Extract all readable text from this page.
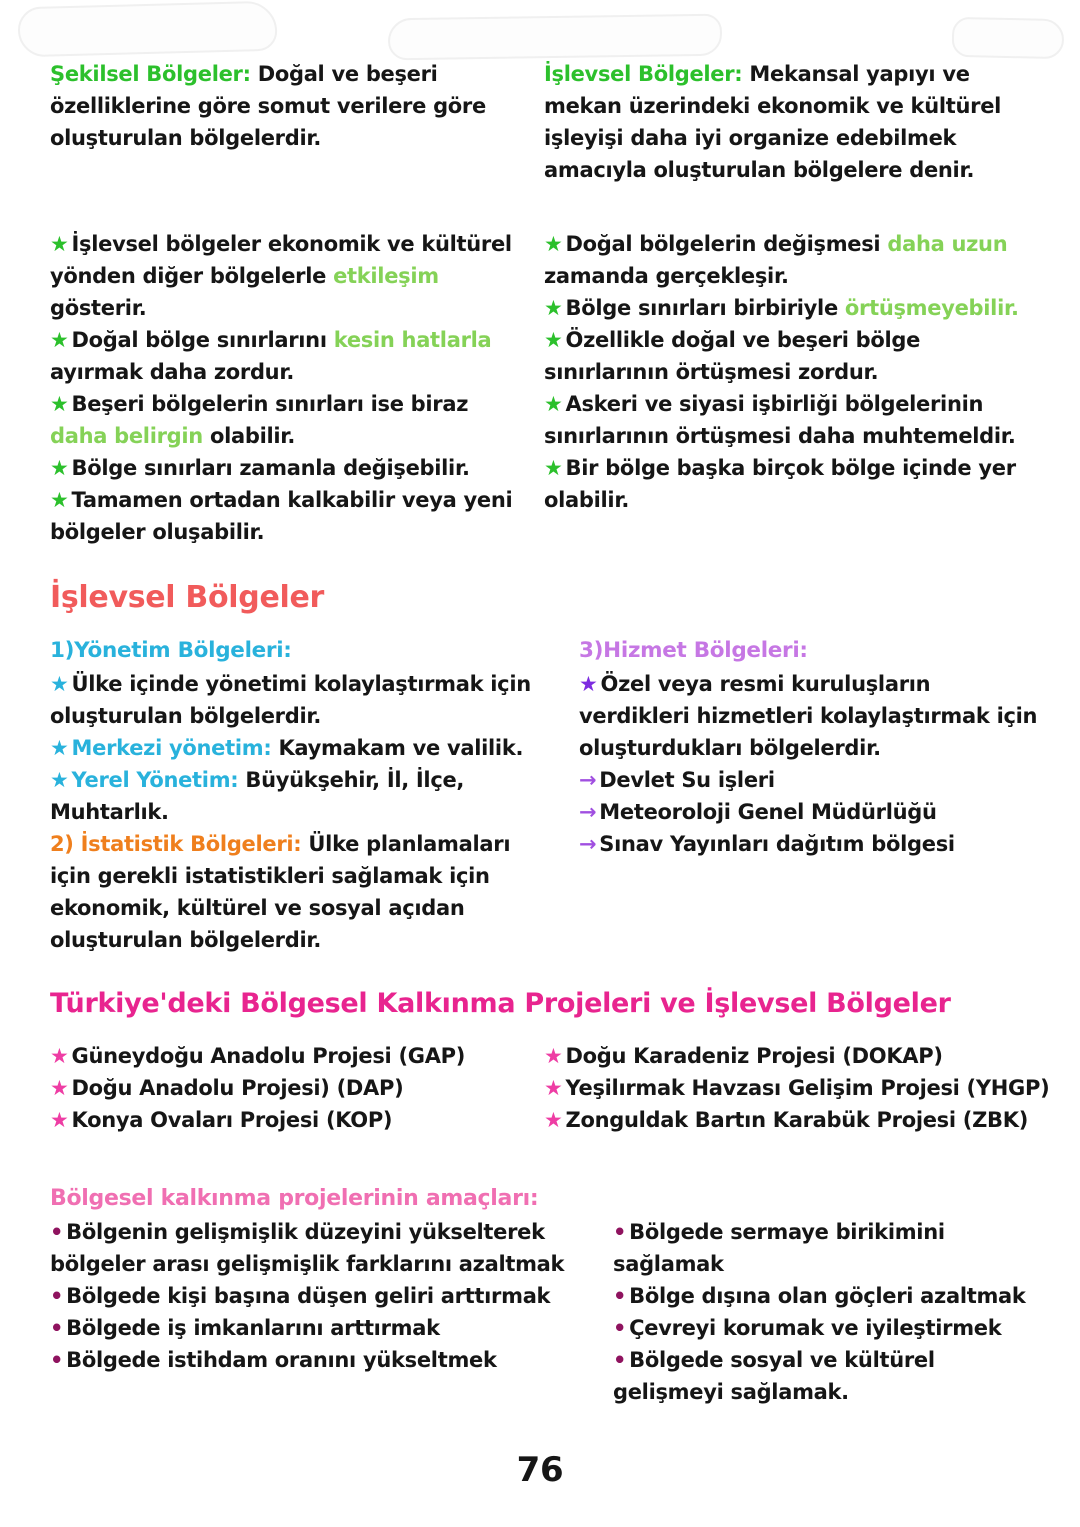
Şekilsel Bölgeler: Doğal ve beşeri özelliklerine göre somut verilere göre oluşturulan bölgelerdir.
İşlevsel Bölgeler: Mekansal yapıyı ve mekan üzerindeki ekonomik ve kültürel işleyişi daha iyi organize edebilmek amacıyla oluşturulan bölgelere denir.
★ İşlevsel bölgeler ekonomik ve kültürel yönden diğer bölgelerle etkileşim gösterir.
★ Doğal bölge sınırlarını kesin hatlarla ayırmak daha zordur.
★ Beşeri bölgelerin sınırları ise biraz daha belirgin olabilir.
★ Bölge sınırları zamanla değişebilir.
★ Tamamen ortadan kalkabilir veya yeni bölgeler oluşabilir.
★ Doğal bölgelerin değişmesi daha uzun zamanda gerçekleşir.
★ Bölge sınırları birbiriyle örtüşmeyebilir.
★ Özellikle doğal ve beşeri bölge sınırlarının örtüşmesi zordur.
★ Askeri ve siyasi işbirliği bölgelerinin sınırlarının örtüşmesi daha muhtemeldir.
★ Bir bölge başka birçok bölge içinde yer olabilir.
İşlevsel Bölgeler
1)Yönetim Bölgeleri:
★ Ülke içinde yönetimi kolaylaştırmak için oluşturulan bölgelerdir.
★ Merkezi yönetim: Kaymakam ve valilik.
★ Yerel Yönetim: Büyükşehir, İl, İlçe, Muhtarlık.
2) İstatistik Bölgeleri: Ülke planlamaları için gerekli istatistikleri sağlamak için ekonomik, kültürel ve sosyal açıdan oluşturulan bölgelerdir.
3)Hizmet Bölgeleri:
★ Özel veya resmi kuruluşların verdikleri hizmetleri kolaylaştırmak için oluşturdukları bölgelerdir.
→ Devlet Su işleri
→ Meteoroloji Genel Müdürlüğü
→ Sınav Yayınları dağıtım bölgesi
Türkiye'deki Bölgesel Kalkınma Projeleri ve İşlevsel Bölgeler
★ Güneydoğu Anadolu Projesi (GAP)
★ Doğu Anadolu Projesi) (DAP)
★ Konya Ovaları Projesi (KOP)
★ Doğu Karadeniz Projesi (DOKAP)
★ Yeşilırmak Havzası Gelişim Projesi (YHGP)
★ Zonguldak Bartın Karabük Projesi (ZBK)
Bölgesel kalkınma projelerinin amaçları:
• Bölgenin gelişmişlik düzeyini yükselterek bölgeler arası gelişmişlik farklarını azaltmak
• Bölgede kişi başına düşen geliri arttırmak
• Bölgede iş imkanlarını arttırmak
• Bölgede istihdam oranını yükseltmek

• Bölgede sermaye birikimini sağlamak
• Bölge dışına olan göçleri azaltmak
• Çevreyi korumak ve iyileştirmek
• Bölgede sosyal ve kültürel gelişmeyi sağlamak.
76
